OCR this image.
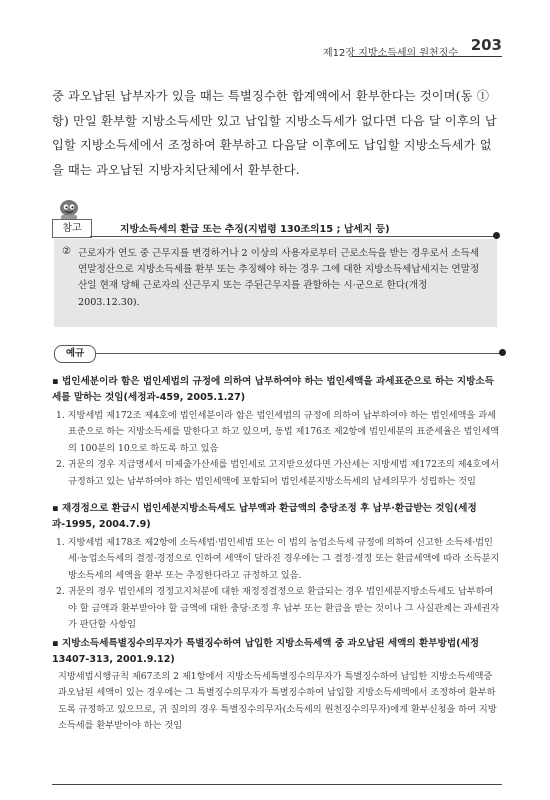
제12장 지방소득세의 원천징수 203
중 과오납된 납부자가 있을 때는 특별징수한 합계액에서 환부한다는 것이며(동 ①항) 만일 환부할 지방소득세만 있고 납입할 지방소득세가 없다면 다음 달 이후의 납입할 지방소득세에서 조정하여 환부하고 다음달 이후에도 납입할 지방소득세가 없을 때는 과오납된 지방자치단체에서 환부한다.
참고	지방소득세의 환급 또는 추징(지법령 130조의15 ; 납세지 등)
② 근로자가 연도 중 근무지를 변경하거나 2 이상의 사용자로부터 근로소득을 받는 경우로서 소득세 연말정산으로 지방소득세를 환부 또는 추징해야 하는 경우 그에 대한 지방소득세납세지는 연말정산일 현재 당해 근로자의 신근무지 또는 주된근무지를 관할하는 시·군으로 한다(개정 2003.12.30).
예규
▪ 법인세분이라 함은 법인세법의 규정에 의하여 납부하여야 하는 법인세액을 과세표준으로 하는 지방소득세를 말하는 것임(세정과-459, 2005.1.27)
1. 지방세법 제172조 제4호에 법인세분이라 함은 법인세법의 규정에 의하여 납부하여야 하는 법인세액을 과세표준으로 하는 지방소득세를 말한다고 하고 있으며, 동법 제176조 제2항에 법인세분의 표준세율은 법인세액의 100분의 10으로 하도록 하고 있음
2. 귀문의 경우 지급명세서 미제출가산세를 법인세로 고지받으셨다면 가산세는 지방세법 제172조의 제4호에서 규정하고 있는 납부하여야 하는 법인세액에 포함되어 법인세분지방소득세의 납세의무가 성립하는 것임
▪ 재경정으로 환급시 법인세분지방소득세도 납부액과 환급액의 충당조정 후 납부·환급받는 것임(세정과-1995, 2004.7.9)
1. 지방세법 제178조 제2항에 소득세법·법인세법 또는 이 법의 농업소득세 규정에 의하여 신고한 소득세·법인세·농업소득세의 결정·경정으로 인하여 세액이 달라진 경우에는 그 결정·경정 또는 환급세액에 따라 소득분지방소득세의 세액을 환부 또는 추징한다라고 규정하고 있음.
2. 귀문의 경우 법인세의 경정고지처분에 대한 재정정결정으로 환급되는 경우 법인세분지방소득세도 납부하여야 할 금액과 환부받아야 할 금액에 대한 충당·조정 후 납부 또는 환급을 받는 것이나 그 사실관계는 과세권자가 판단할 사항임
▪ 지방소득세특별징수의무자가 특별징수하여 납입한 지방소득세액 중 과오납된 세액의 환부방법(세정 13407-313, 2001.9.12)
지방세법시행규칙 제67조의 2 제1항에서 지방소득세특별징수의무자가 특별징수하여 납입한 지방소득세액중 과오납된 세액이 있는 경우에는 그 특별징수의무자가 특별징수하여 납입할 지방소득세액에서 조정하여 환부하도록 규정하고 있으므로, 귀 질의의 경우 특별징수의무자(소득세의 원천징수의무자)에게 환부신청을 하여 지방소득세를 환부받아야 하는 것임
